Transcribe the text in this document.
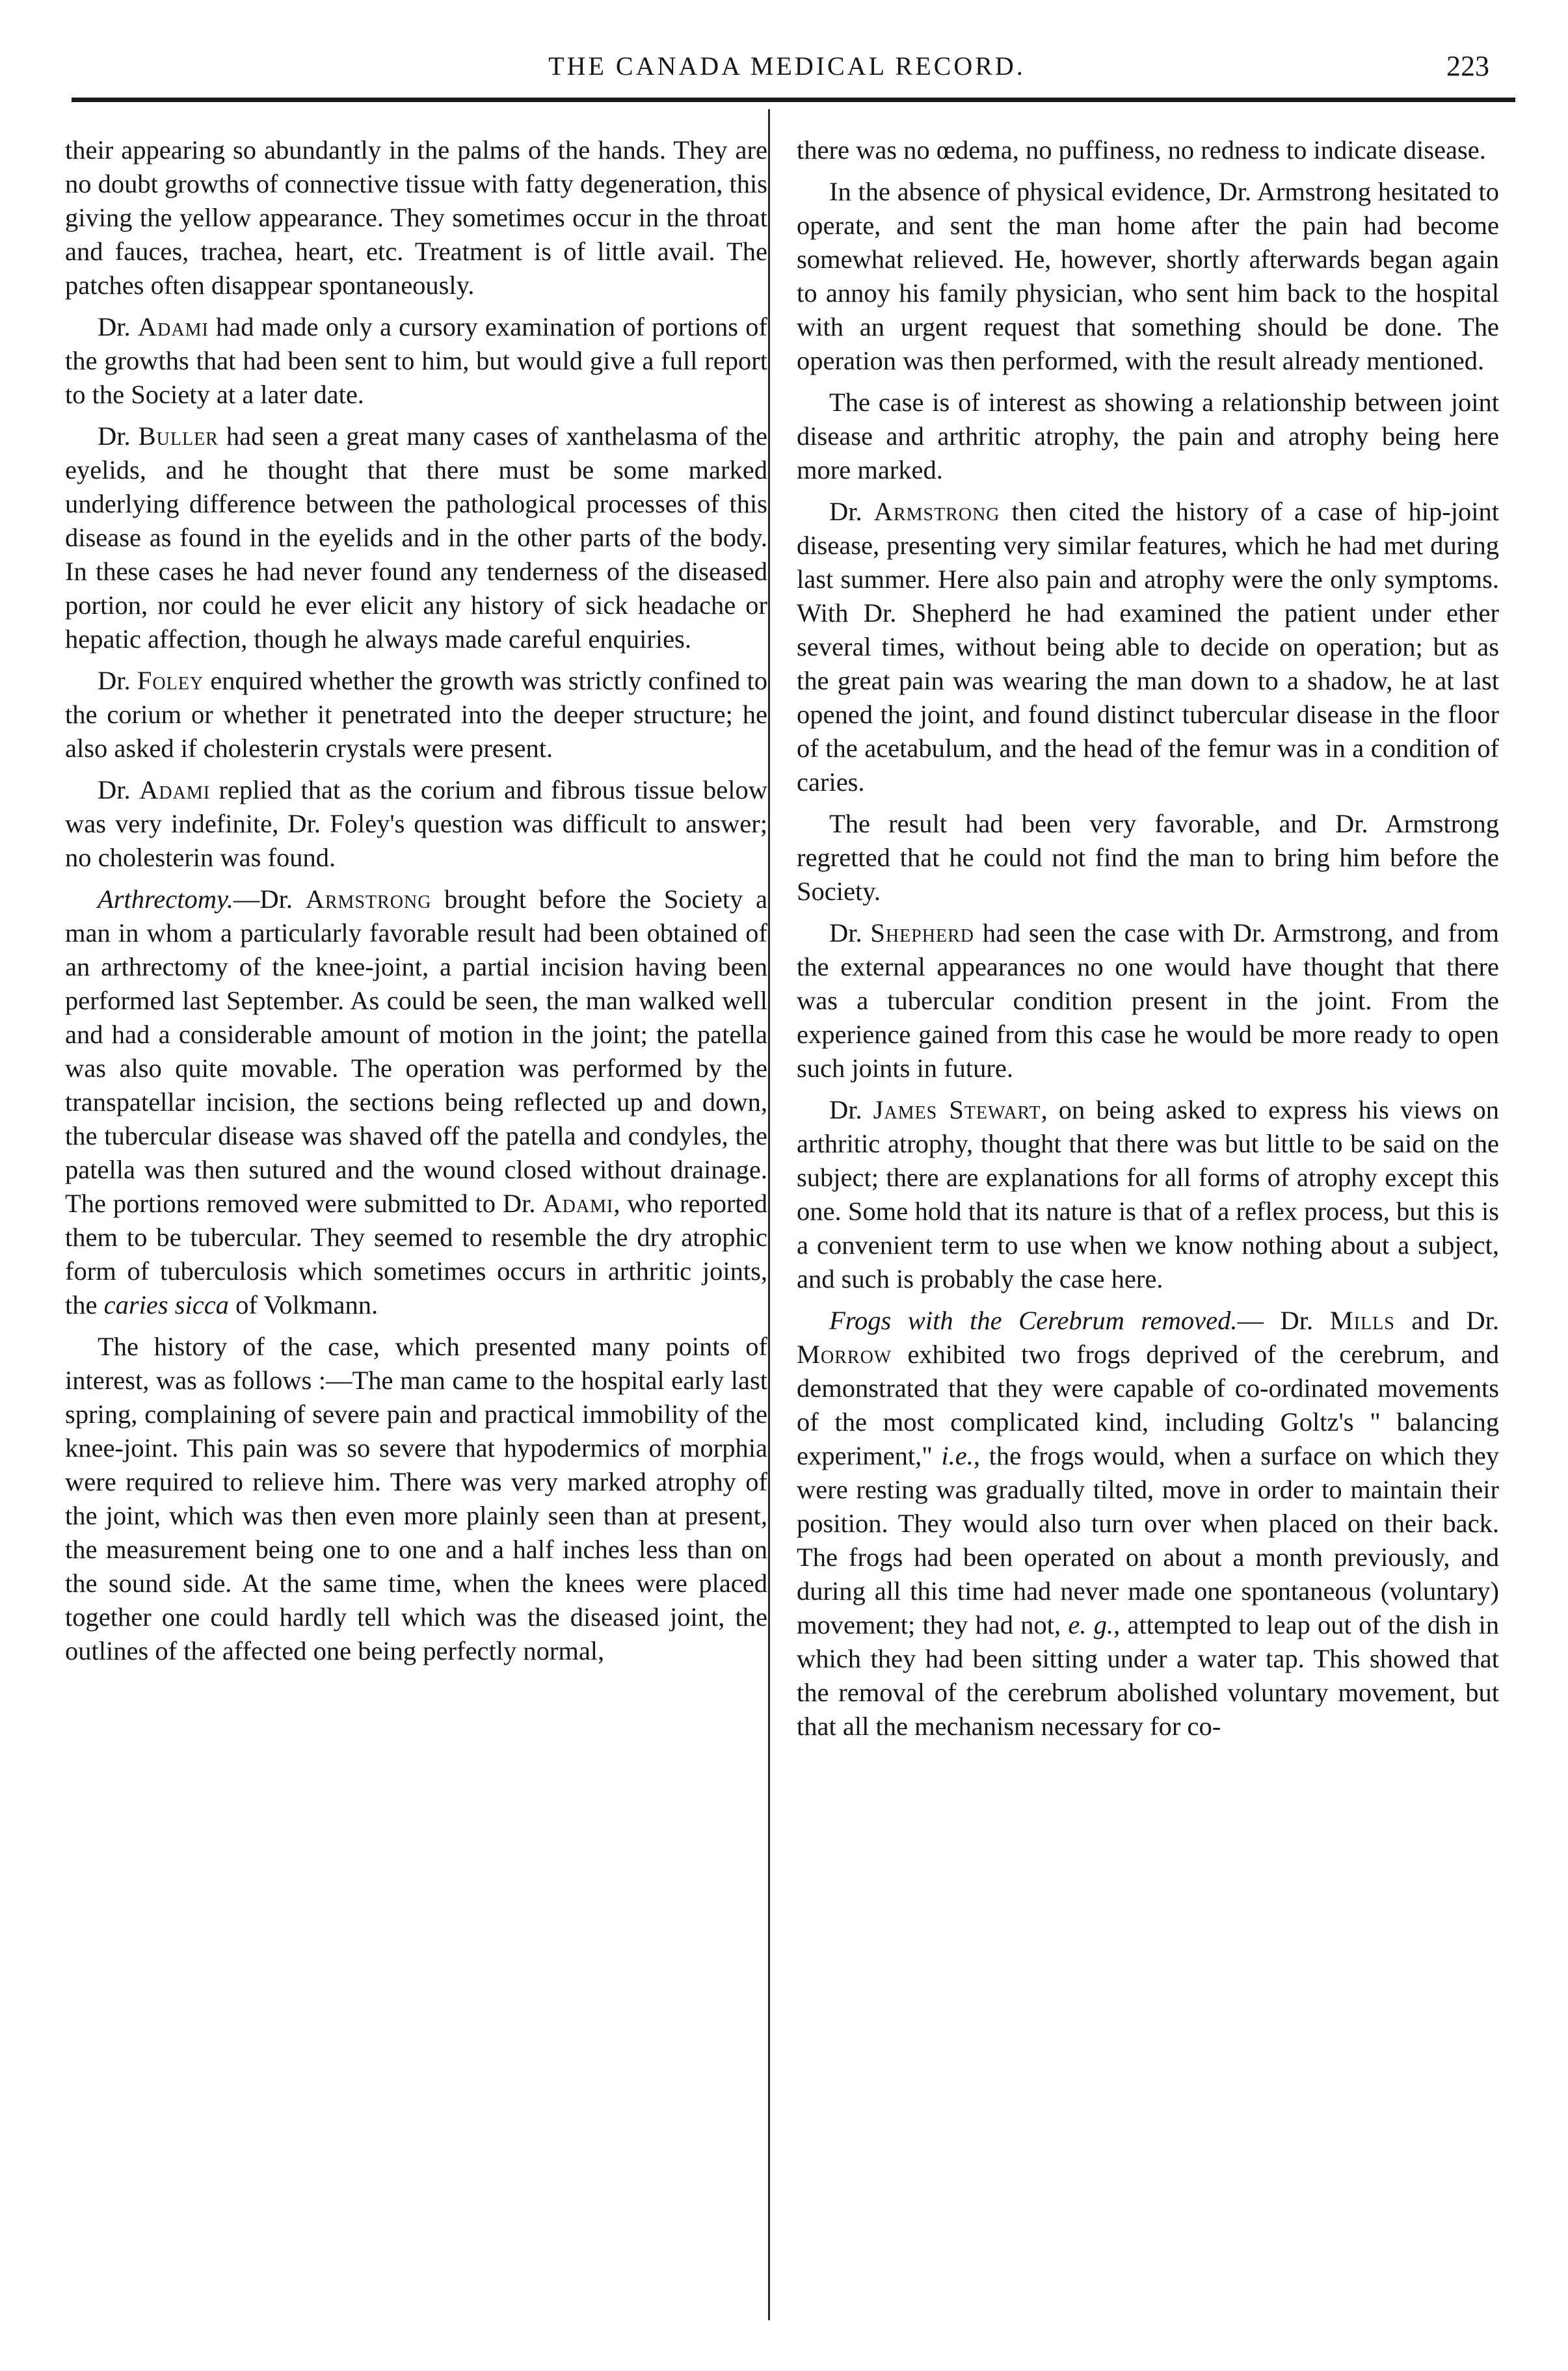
THE CANADA MEDICAL RECORD.	223

their appearing so abundantly in the palms of the hands. They are no doubt growths of connective tissue with fatty degeneration, this giving the yellow appearance. They sometimes occur in the throat and fauces, trachea, heart, etc. Treatment is of little avail. The patches often disappear spontaneously.

Dr. Adami had made only a cursory examination of portions of the growths that had been sent to him, but would give a full report to the Society at a later date.

Dr. Buller had seen a great many cases of xanthelasma of the eyelids, and he thought that there must be some marked underlying difference between the pathological processes of this disease as found in the eyelids and in the other parts of the body. In these cases he had never found any tenderness of the diseased portion, nor could he ever elicit any history of sick headache or hepatic affection, though he always made careful enquiries.

Dr. Foley enquired whether the growth was strictly confined to the corium or whether it penetrated into the deeper structure; he also asked if cholesterin crystals were present.

Dr. Adami replied that as the corium and fibrous tissue below was very indefinite, Dr. Foley's question was difficult to answer; no cholesterin was found.

Arthrectomy.—Dr. Armstrong brought before the Society a man in whom a particularly favorable result had been obtained of an arthrectomy of the knee-joint, a partial incision having been performed last September. As could be seen, the man walked well and had a considerable amount of motion in the joint; the patella was also quite movable. The operation was performed by the transpatellar incision, the sections being reflected up and down, the tubercular disease was shaved off the patella and condyles, the patella was then sutured and the wound closed without drainage. The portions removed were submitted to Dr. Adami, who reported them to be tubercular. They seemed to resemble the dry atrophic form of tuberculosis which sometimes occurs in arthritic joints, the caries sicca of Volkmann.

The history of the case, which presented many points of interest, was as follows :—The man came to the hospital early last spring, complaining of severe pain and practical immobility of the knee-joint. This pain was so severe that hypodermics of morphia were required to relieve him. There was very marked atrophy of the joint, which was then even more plainly seen than at present, the measurement being one to one and a half inches less than on the sound side. At the same time, when the knees were placed together one could hardly tell which was the diseased joint, the outlines of the affected one being perfectly normal,

there was no œdema, no puffiness, no redness to indicate disease.

In the absence of physical evidence, Dr. Armstrong hesitated to operate, and sent the man home after the pain had become somewhat relieved. He, however, shortly afterwards began again to annoy his family physician, who sent him back to the hospital with an urgent request that something should be done. The operation was then performed, with the result already mentioned.

The case is of interest as showing a relationship between joint disease and arthritic atrophy, the pain and atrophy being here more marked.

Dr. Armstrong then cited the history of a case of hip-joint disease, presenting very similar features, which he had met during last summer. Here also pain and atrophy were the only symptoms. With Dr. Shepherd he had examined the patient under ether several times, without being able to decide on operation; but as the great pain was wearing the man down to a shadow, he at last opened the joint, and found distinct tubercular disease in the floor of the acetabulum, and the head of the femur was in a condition of caries.

The result had been very favorable, and Dr. Armstrong regretted that he could not find the man to bring him before the Society.

Dr. Shepherd had seen the case with Dr. Armstrong, and from the external appearances no one would have thought that there was a tubercular condition present in the joint. From the experience gained from this case he would be more ready to open such joints in future.

Dr. James Stewart, on being asked to express his views on arthritic atrophy, thought that there was but little to be said on the subject; there are explanations for all forms of atrophy except this one. Some hold that its nature is that of a reflex process, but this is a convenient term to use when we know nothing about a subject, and such is probably the case here.

Frogs with the Cerebrum removed.— Dr. Mills and Dr. Morrow exhibited two frogs deprived of the cerebrum, and demonstrated that they were capable of co-ordinated movements of the most complicated kind, including Goltz's " balancing experiment," i.e., the frogs would, when a surface on which they were resting was gradually tilted, move in order to maintain their position. They would also turn over when placed on their back. The frogs had been operated on about a month previously, and during all this time had never made one spontaneous (voluntary) movement; they had not, e. g., attempted to leap out of the dish in which they had been sitting under a water tap. This showed that the removal of the cerebrum abolished voluntary movement, but that all the mechanism necessary for co-
